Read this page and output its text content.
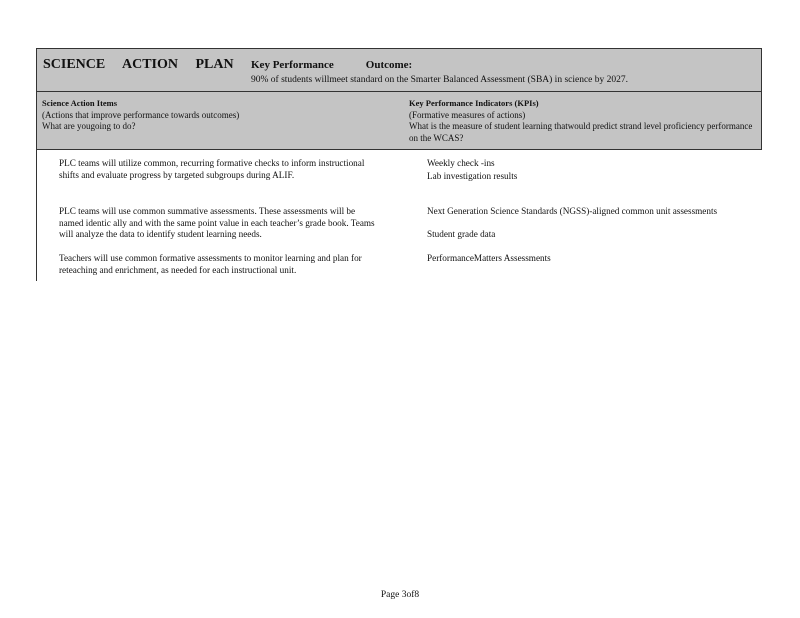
SCIENCE ACTION PLAN Key Performance	Outcome:
90% of students willmeet standard on the Smarter Balanced Assessment (SBA) in science by 2027.
Science Action Items
(Actions that improve performance towards outcomes)
What are yougoing to do?
Key Performance Indicators (KPIs)
(Formative measures of actions)
What is the measure of student learning thatwould predict strand level proficiency performance on the WCAS?
PLC teams will utilize common, recurring formative checks to inform instructional shifts and evaluate progress by targeted subgroups during ALIF.
PLC teams will use common summative assessments. These assessments will be named identic ally and with the same point value in each teacher’s grade book. Teams will analyze the data to identify student learning needs.
Teachers will use common formative assessments to monitor learning and plan for reteaching and enrichment, as needed for each instructional unit.
Weekly check -ins
Lab investigation results
Next Generation Science Standards (NGSS)-aligned common unit assessments
Student grade data
PerformanceMatters Assessments
Page 3of8
